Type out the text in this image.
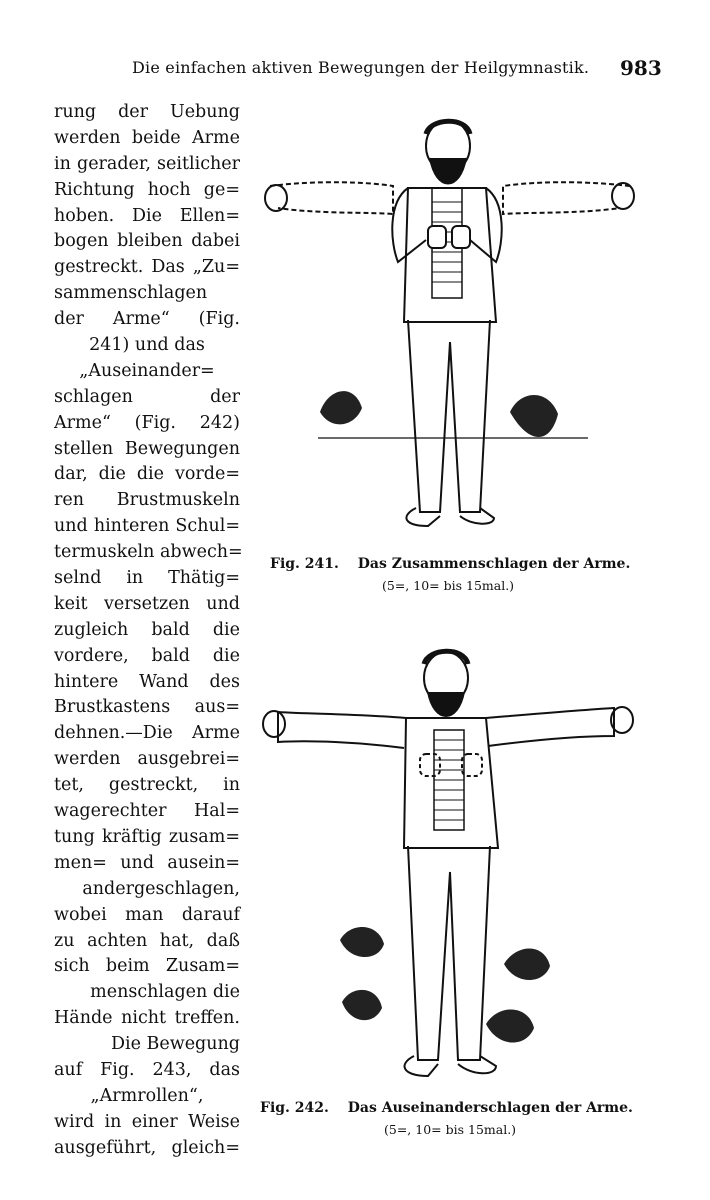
Die einfachen aktiven Bewegungen der Heilgymnastik. 983
rung der Uebung
werden beide Arme
in gerader, seitlicher
Richtung hoch ge=
hoben. Die Ellen=
bogen bleiben dabei
gestreckt. Das „Zu=
sammenschlagen
der Arme“ (Fig.
241) und das
„Auseinander=
schlagen der
Arme“ (Fig. 242)
stellen Bewegungen
dar, die die vorde=
ren Brustmuskeln
und hinteren Schul=
termuskeln abwech=
selnd in Thätig=
keit versetzen und
zugleich bald die
vordere, bald die
hintere Wand des
Brustkastens aus=
dehnen.—Die Arme
werden ausgebrei=
tet, gestreckt, in
wagerechter Hal=
tung kräftig zusam=
men= und ausein=
andergeschlagen,
wobei man darauf
zu achten hat, daß
sich beim Zusam=
menschlagen die
Hände nicht treffen.
Die Bewegung
auf Fig. 243, das
„Armrollen“,
wird in einer Weise
ausgeführt, gleich=
Fig. 241. Das Zusammenschlagen der Arme.
(5=, 10= bis 15mal.)
Fig. 242. Das Auseinanderschlagen der Arme.
(5=, 10= bis 15mal.)
